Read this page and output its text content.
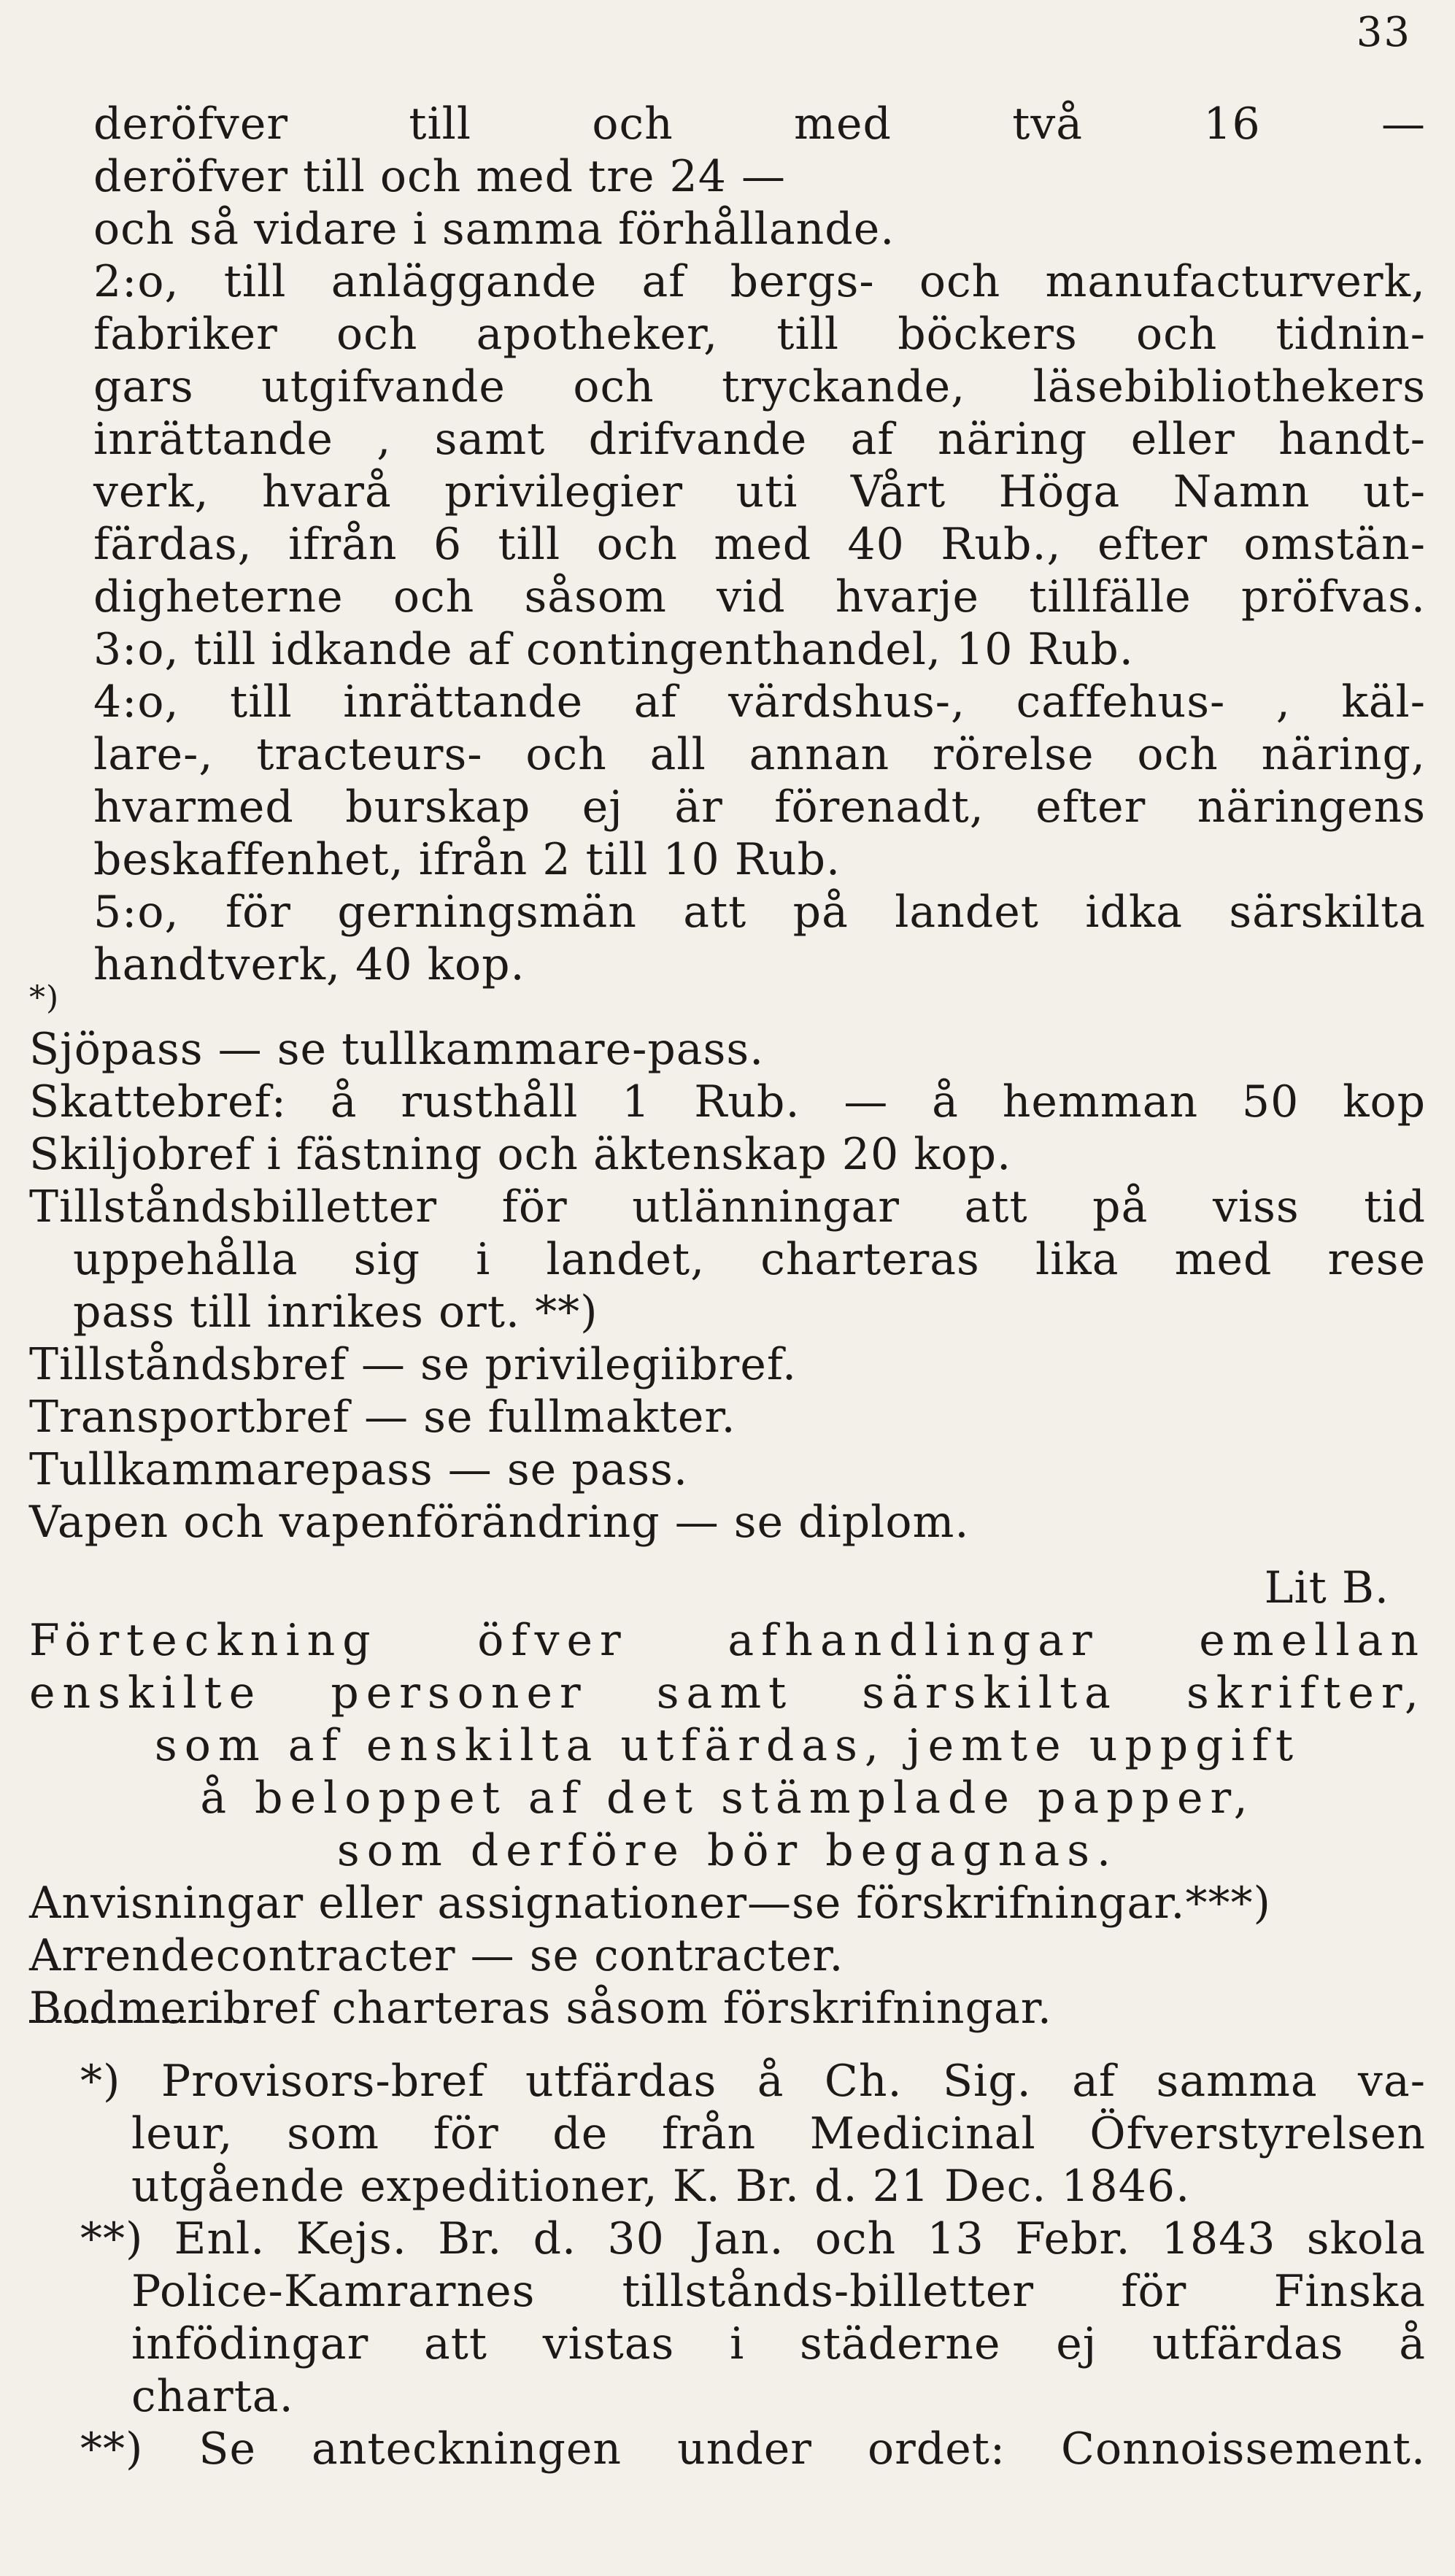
33
deröfver till och med två 16 —
deröfver till och med tre 24 —
och så vidare i samma förhållande.
2:o, till anläggande af bergs- och manufacturverk,
fabriker och apotheker, till böckers och tidnin-
gars utgifvande och tryckande, läsebibliothekers
inrättande , samt drifvande af näring eller handt-
verk, hvarå privilegier uti Vårt Höga Namn ut-
färdas, ifrån 6 till och med 40 Rub., efter omstän-
digheterne och såsom vid hvarje tillfälle pröfvas.
3:o, till idkande af contingenthandel, 10 Rub.
4:o, till inrättande af värdshus-, caffehus- , käl-
lare-, tracteurs- och all annan rörelse och näring,
hvarmed burskap ej är förenadt, efter näringens
beskaffenhet, ifrån 2 till 10 Rub.
5:o, för gerningsmän att på landet idka särskilta
handtverk, 40 kop.
*)
Sjöpass — se tullkammare-pass.
Skattebref: å rusthåll 1 Rub. — å hemman 50 kop
Skiljobref i fästning och äktenskap 20 kop.
Tillståndsbilletter för utlänningar att på viss tid
uppehålla sig i landet, charteras lika med rese
pass till inrikes ort. **)
Tillståndsbref — se privilegiibref.
Transportbref — se fullmakter.
Tullkammarepass — se pass.
Vapen och vapenförändring — se diplom.
Lit B.
Förteckning öfver afhandlingar emellan
enskilte personer samt särskilta skrifter,
som af enskilta utfärdas, jemte uppgift
å beloppet af det stämplade papper,
som derföre bör begagnas.
Anvisningar eller assignationer—se förskrifningar.***)
Arrendecontracter — se contracter.
Bodmeribref charteras såsom förskrifningar.
*) Provisors-bref utfärdas å Ch. Sig. af samma va-
leur, som för de från Medicinal Öfverstyrelsen
utgående expeditioner, K. Br. d. 21 Dec. 1846.
**) Enl. Kejs. Br. d. 30 Jan. och 13 Febr. 1843 skola
Police-Kamrarnes tillstånds-billetter för Finska
infödingar att vistas i städerne ej utfärdas å
charta.
**) Se anteckningen under ordet: Connoissement.
